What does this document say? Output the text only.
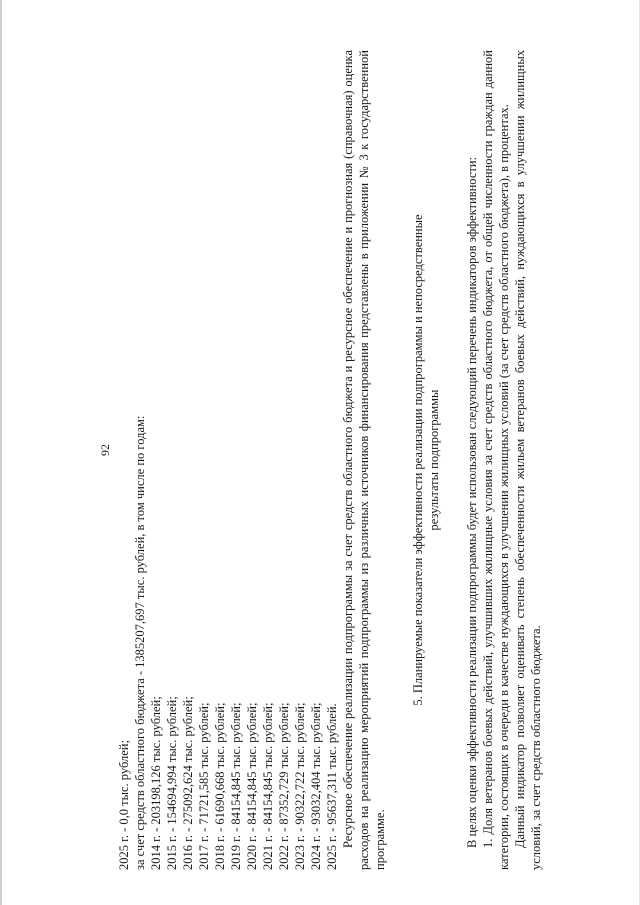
92
2025 г. - 0,0 тыс. рублей; за счет средств областного бюджета - 1385207,697 тыс. рублей, в том числе по годам: 2014 г. - 203198,126 тыс. рублей; 2015 г. - 154694,994 тыс. рублей; 2016 г. - 275092,624 тыс. рублей; 2017 г. - 71721,585 тыс. рублей; 2018 г. - 61690,668 тыс. рублей; 2019 г. - 84154,845 тыс. рублей; 2020 г. - 84154,845 тыс. рублей; 2021 г. - 84154,845 тыс. рублей; 2022 г. - 87352,729 тыс. рублей; 2023 г. - 90322,722 тыс. рублей; 2024 г. - 93032,404 тыс. рублей; 2025 г. - 95637,311 тыс. рублей. Ресурсное обеспечение реализации подпрограммы за счет средств областного бюджета и ресурсное обеспечение и прогнозная (справочная) оценка расходов на реализацию мероприятий подпрограммы из различных источников финансирования представлены в приложении № 3 к государственной программе.

5. Планируемые показатели эффективности реализации подпрограммы и непосредственные результаты подпрограммы В целях оценки эффективности реализации подпрограммы будет использован следующий перечень индикаторов эффективности: 1. Доля ветеранов боевых действий, улучшивших жилищные условия за счет средств областного бюджета, от общей численности граждан данной категории, состоящих в очереди в качестве нуждающихся в улучшении жилищных условий (за счет средств областного бюджета), в процентах. Данный индикатор позволяет оценивать степень обеспеченности жильем ветеранов боевых действий, нуждающихся в улучшении жилищных условий, за счет средств областного бюджета.
